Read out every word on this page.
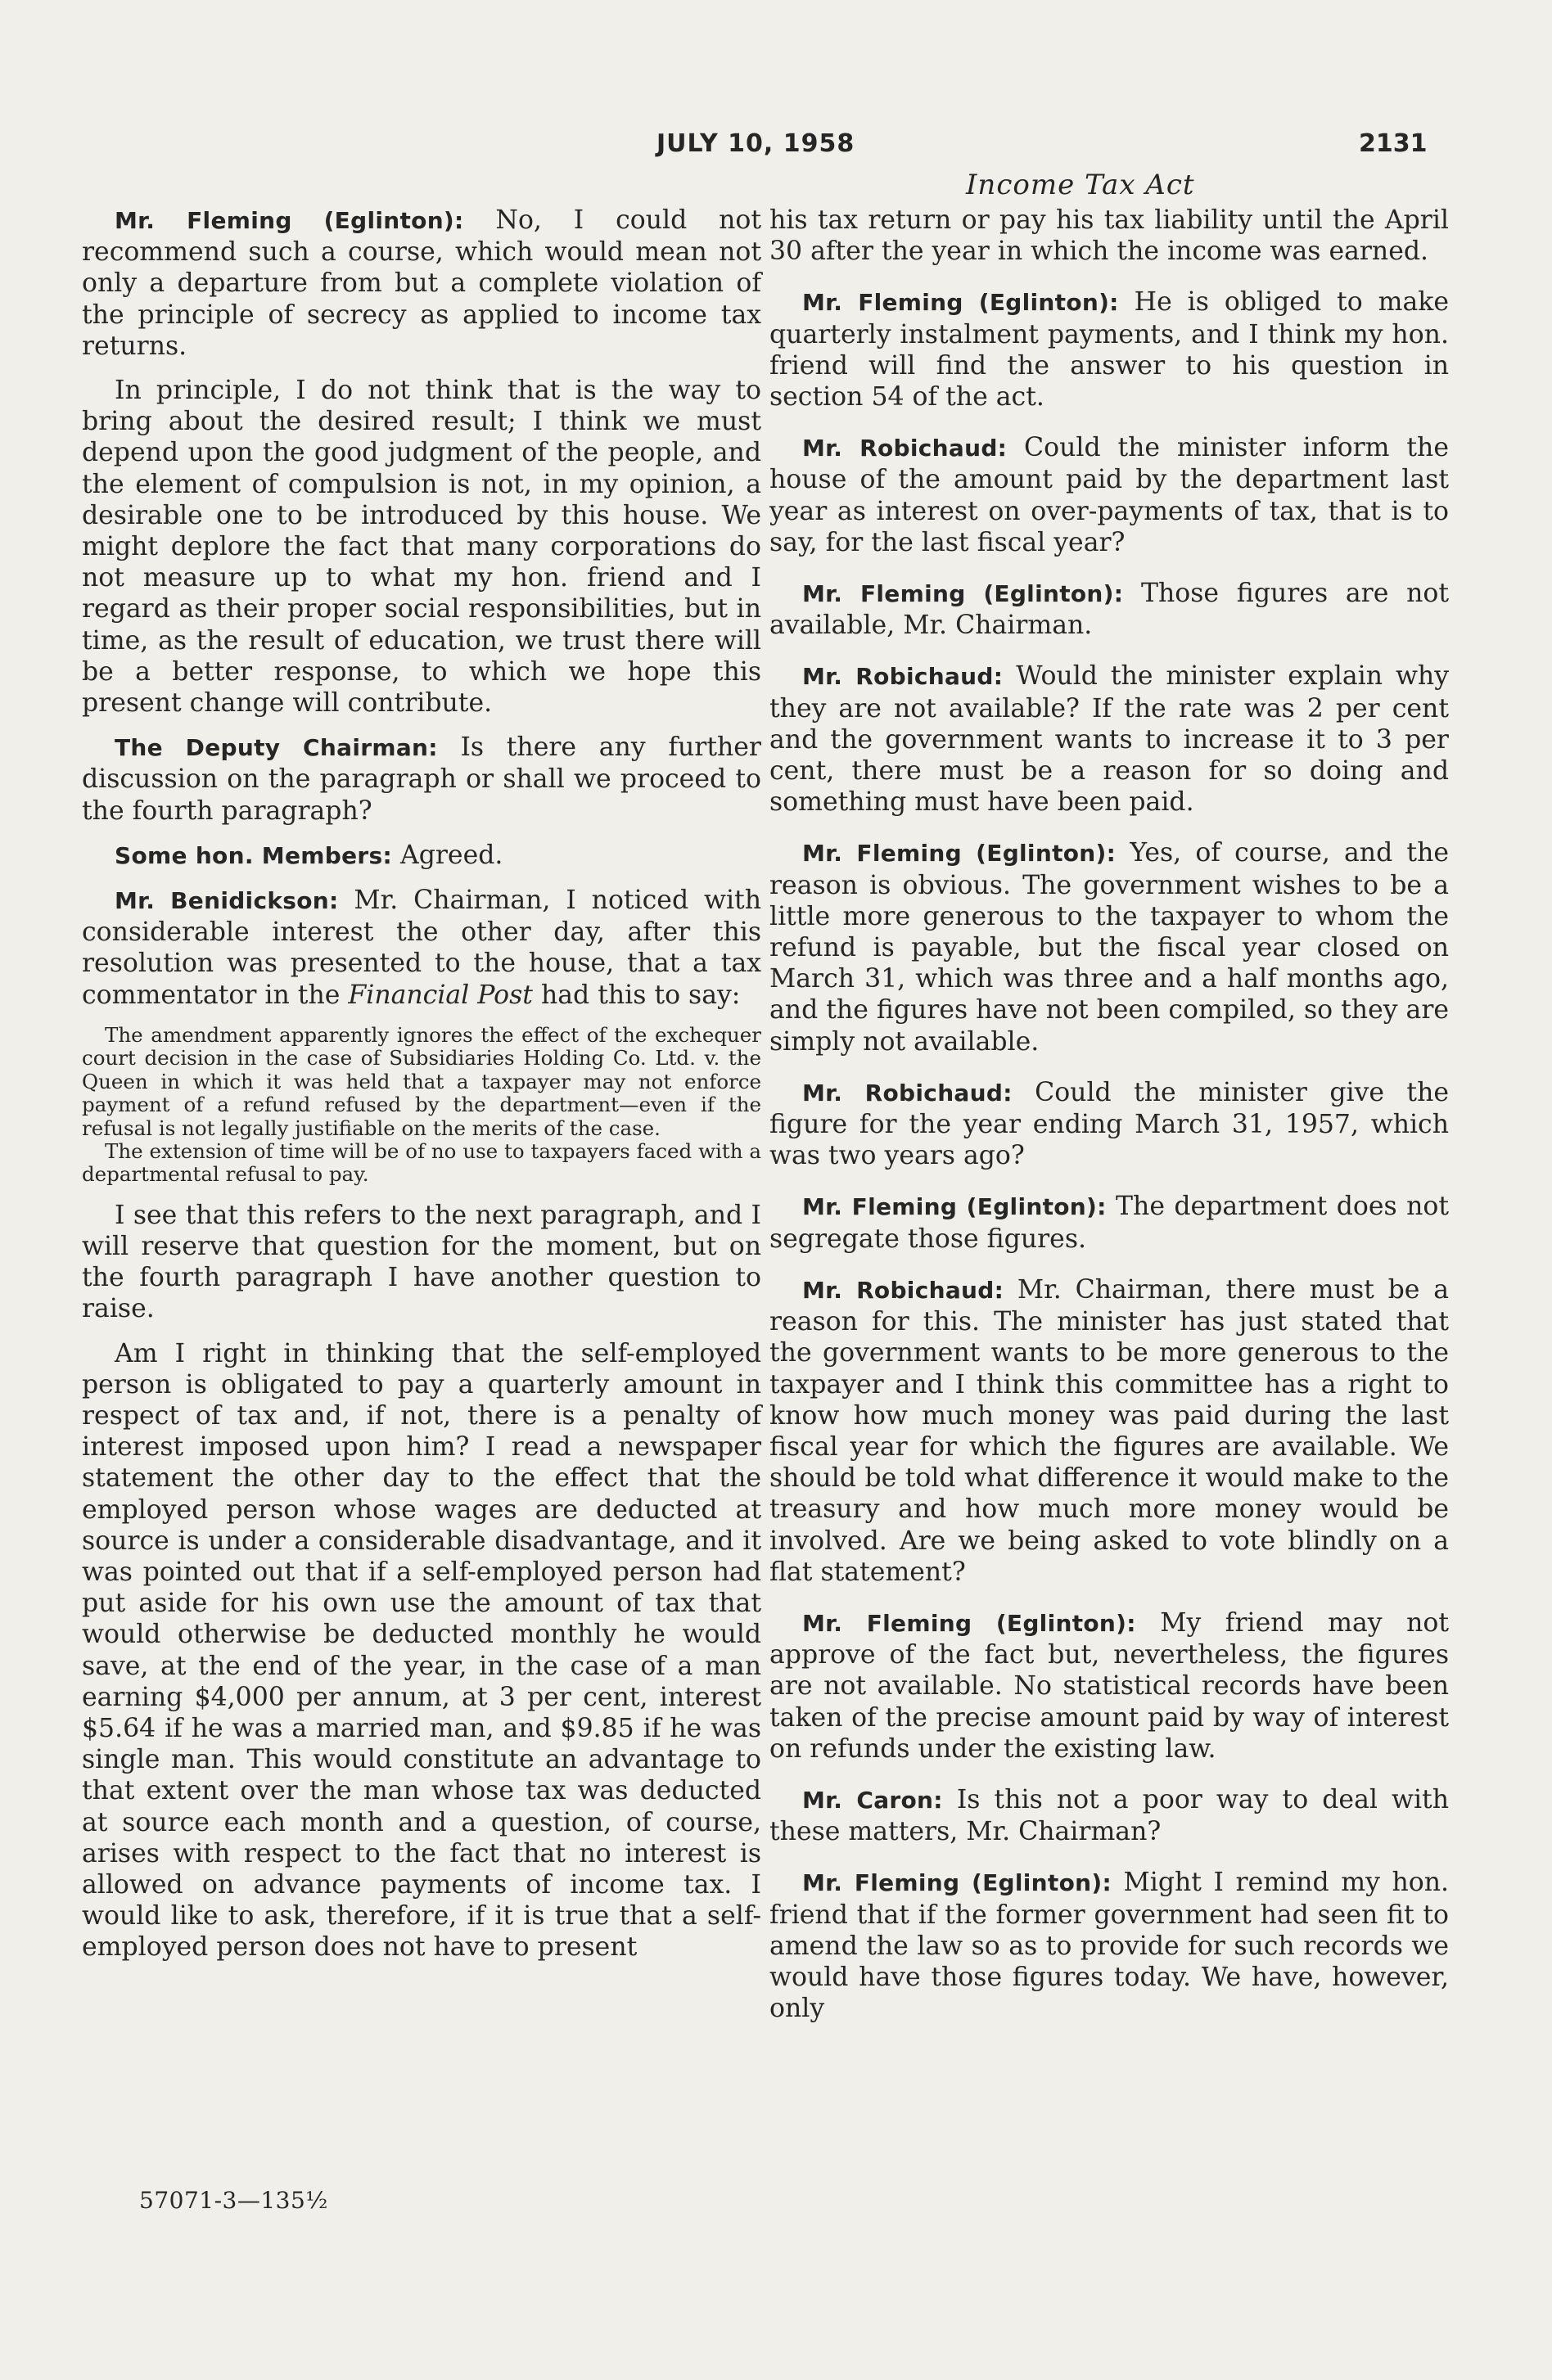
JULY 10, 1958	2131
Income Tax Act

Mr. Fleming (Eglinton): No, I could not recommend such a course, which would mean not only a departure from but a complete violation of the principle of secrecy as applied to income tax returns.

In principle, I do not think that is the way to bring about the desired result; I think we must depend upon the good judgment of the people, and the element of compulsion is not, in my opinion, a desirable one to be introduced by this house. We might deplore the fact that many corporations do not measure up to what my hon. friend and I regard as their proper social responsibilities, but in time, as the result of education, we trust there will be a better response, to which we hope this present change will contribute.

The Deputy Chairman: Is there any further discussion on the paragraph or shall we proceed to the fourth paragraph?

Some hon. Members: Agreed.

Mr. Benidickson: Mr. Chairman, I noticed with considerable interest the other day, after this resolution was presented to the house, that a tax commentator in the Financial Post had this to say:

The amendment apparently ignores the effect of the exchequer court decision in the case of Subsidiaries Holding Co. Ltd. v. the Queen in which it was held that a taxpayer may not enforce payment of a refund refused by the department—even if the refusal is not legally justifiable on the merits of the case.

The extension of time will be of no use to taxpayers faced with a departmental refusal to pay.

I see that this refers to the next paragraph, and I will reserve that question for the moment, but on the fourth paragraph I have another question to raise.

Am I right in thinking that the self-employed person is obligated to pay a quarterly amount in respect of tax and, if not, there is a penalty of interest imposed upon him? I read a newspaper statement the other day to the effect that the employed person whose wages are deducted at source is under a considerable disadvantage, and it was pointed out that if a self-employed person had put aside for his own use the amount of tax that would otherwise be deducted monthly he would save, at the end of the year, in the case of a man earning $4,000 per annum, at 3 per cent, interest $5.64 if he was a married man, and $9.85 if he was single man. This would constitute an advantage to that extent over the man whose tax was deducted at source each month and a question, of course, arises with respect to the fact that no interest is allowed on advance payments of income tax. I would like to ask, therefore, if it is true that a self-employed person does not have to present

his tax return or pay his tax liability until the April 30 after the year in which the income was earned.

Mr. Fleming (Eglinton): He is obliged to make quarterly instalment payments, and I think my hon. friend will find the answer to his question in section 54 of the act.

Mr. Robichaud: Could the minister inform the house of the amount paid by the department last year as interest on over-payments of tax, that is to say, for the last fiscal year?

Mr. Fleming (Eglinton): Those figures are not available, Mr. Chairman.

Mr. Robichaud: Would the minister explain why they are not available? If the rate was 2 per cent and the government wants to increase it to 3 per cent, there must be a reason for so doing and something must have been paid.

Mr. Fleming (Eglinton): Yes, of course, and the reason is obvious. The government wishes to be a little more generous to the taxpayer to whom the refund is payable, but the fiscal year closed on March 31, which was three and a half months ago, and the figures have not been compiled, so they are simply not available.

Mr. Robichaud: Could the minister give the figure for the year ending March 31, 1957, which was two years ago?

Mr. Fleming (Eglinton): The department does not segregate those figures.

Mr. Robichaud: Mr. Chairman, there must be a reason for this. The minister has just stated that the government wants to be more generous to the taxpayer and I think this committee has a right to know how much money was paid during the last fiscal year for which the figures are available. We should be told what difference it would make to the treasury and how much more money would be involved. Are we being asked to vote blindly on a flat statement?

Mr. Fleming (Eglinton): My friend may not approve of the fact but, nevertheless, the figures are not available. No statistical records have been taken of the precise amount paid by way of interest on refunds under the existing law.

Mr. Caron: Is this not a poor way to deal with these matters, Mr. Chairman?

Mr. Fleming (Eglinton): Might I remind my hon. friend that if the former government had seen fit to amend the law so as to provide for such records we would have those figures today. We have, however, only

57071-3—135½
